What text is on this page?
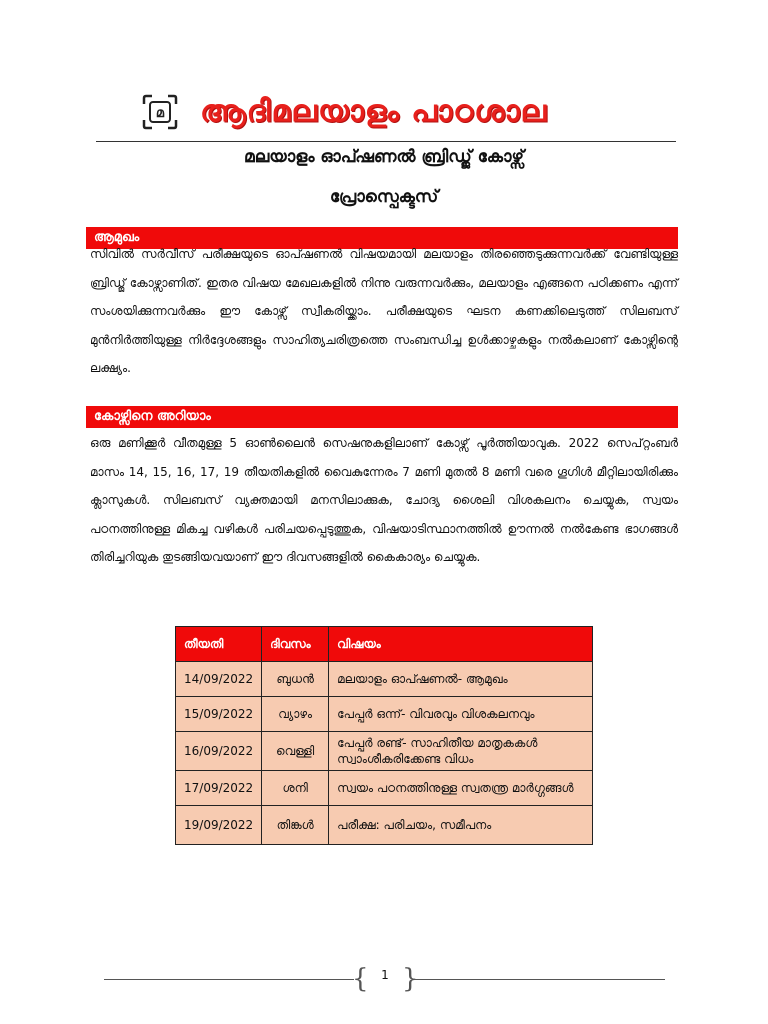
മ ആദിമലയാളം പാഠശാല
മലയാളം ഓപ്ഷണൽ ബ്രിഡ്ജ് കോഴ്സ്
പ്രോസ്പെക്ടസ്
ആമുഖം

സിവിൽ സർവീസ് പരീക്ഷയുടെ ഓപ്ഷണൽ വിഷയമായി മലയാളം തിരഞ്ഞെടുക്കുന്നവർക്ക് വേണ്ടിയുള്ള ബ്രിഡ്ജ് കോഴ്സാണിത്. ഇതര വിഷയ മേഖലകളിൽ നിന്നു വരുന്നവർക്കും, മലയാളം എങ്ങനെ പഠിക്കണം എന്ന് സംശയിക്കുന്നവർക്കും ഈ കോഴ്സ് സ്വീകരിയ്ക്കാം. പരീക്ഷയുടെ ഘടന കണക്കിലെടുത്ത് സിലബസ് മുൻനിർത്തിയുള്ള നിർദ്ദേശങ്ങളും സാഹിത്യചരിത്രത്തെ സംബന്ധിച്ച ഉൾക്കാഴ്ചകളും നൽകലാണ് കോഴ്സിന്റെ ലക്ഷ്യം.

കോഴ്സിനെ അറിയാം

ഒരു മണിക്കൂർ വീതമുള്ള 5 ഓൺലൈൻ സെഷനുകളിലാണ് കോഴ്സ് പൂർത്തിയാവുക. 2022 സെപ്റ്റംബർ മാസം 14, 15, 16, 17, 19 തീയതികളിൽ വൈകുന്നേരം 7 മണി മുതൽ 8 മണി വരെ ഗൂഗിൾ മീറ്റിലായിരിക്കും ക്ലാസുകൾ. സിലബസ് വ്യക്തമായി മനസിലാക്കുക, ചോദ്യ ശൈലി വിശകലനം ചെയ്യുക, സ്വയം പഠനത്തിനുള്ള മികച്ച വഴികൾ പരിചയപ്പെടുത്തുക, വിഷയാടിസ്ഥാനത്തിൽ ഊന്നൽ നൽകേണ്ട ഭാഗങ്ങൾ തിരിച്ചറിയുക തുടങ്ങിയവയാണ് ഈ ദിവസങ്ങളിൽ കൈകാര്യം ചെയ്യുക.

തീയതി	ദിവസം	വിഷയം
14/09/2022	ബുധൻ	മലയാളം ഓപ്ഷണൽ- ആമുഖം
15/09/2022	വ്യാഴം	പേപ്പർ ഒന്ന്- വിവരവും വിശകലനവും
16/09/2022	വെള്ളി	പേപ്പർ രണ്ട്- സാഹിതീയ മാതൃകകൾ സ്വാംശീകരിക്കേണ്ട വിധം
17/09/2022	ശനി	സ്വയം പഠനത്തിനുള്ള സ്വതന്ത്ര മാർഗ്ഗങ്ങൾ
19/09/2022	തിങ്കൾ	പരീക്ഷ: പരിചയം, സമീപനം
{	1 }
